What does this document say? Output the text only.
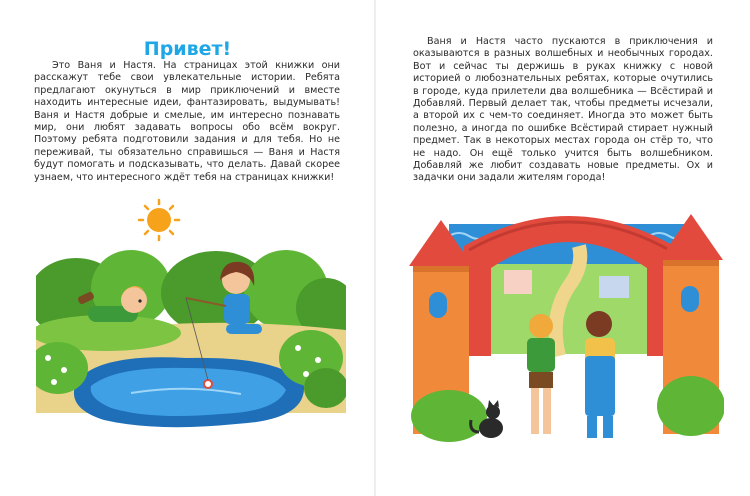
Привет!

Это Ваня и Настя. На страницах этой книжки они расскажут тебе свои увлекательные истории. Ребята предлагают окунуться в мир приключений и вместе находить интересные идеи, фантазировать, выдумывать! Ваня и Настя добрые и смелые, им интересно познавать мир, они любят задавать вопросы обо всём вокруг. Поэтому ребята подготовили задания и для тебя. Но не переживай, ты обязательно справишься — Ваня и Настя будут помогать и подсказывать, что делать. Давай скорее узнаем, что интересного ждёт тебя на страницах книжки!

Ваня и Настя часто пускаются в приключения и оказываются в разных волшебных и необычных городах. Вот и сейчас ты держишь в руках книжку с новой историей о любознательных ребятах, которые очутились в городе, куда прилетели два волшебника — Всёстирай и Добавляй. Первый делает так, чтобы предметы исчезали, а второй их с чем-то соединяет. Иногда это может быть полезно, а иногда по ошибке Всёстирай стирает нужный предмет. Так в некоторых местах города он стёр то, что не надо. Он ещё только учится быть волшебником. Добавляй же любит создавать новые предметы. Ох и задачки они задали жителям города!
